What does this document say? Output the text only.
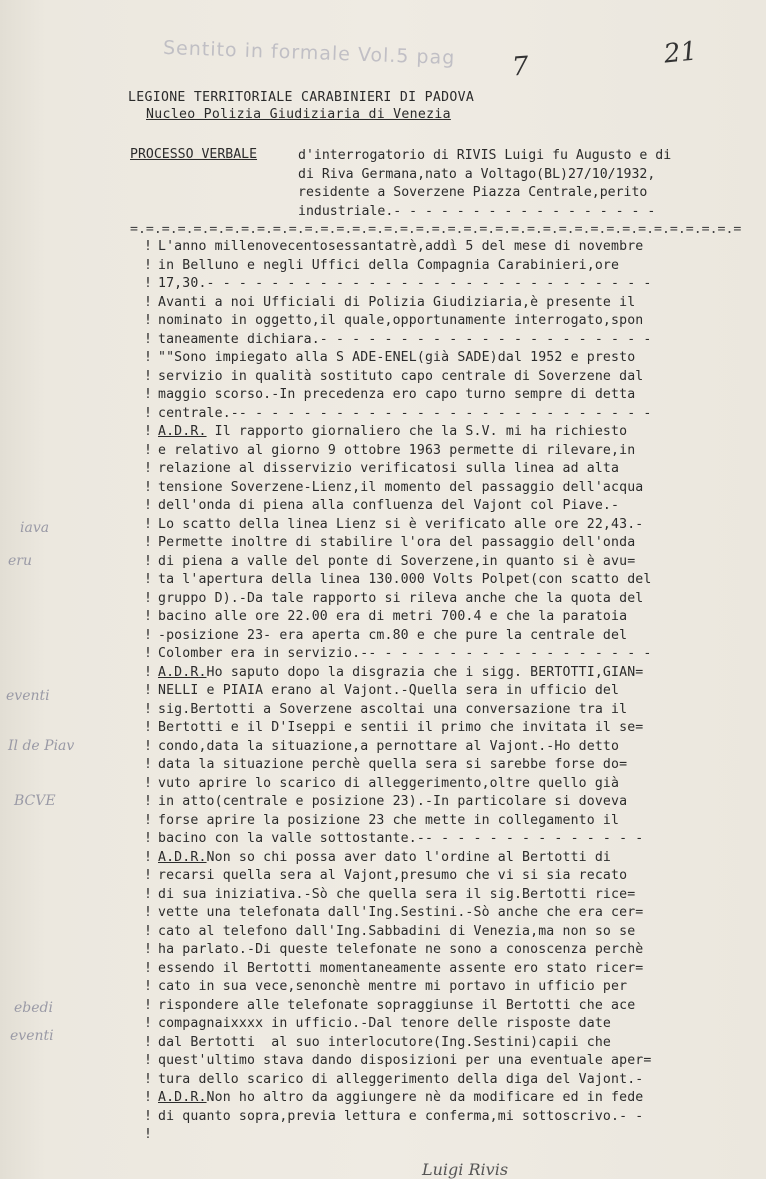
Sentito in formale Vol.5 pag 7	21
LEGIONE TERRITORIALE CARABINIERI DI PADOVA
Nucleo Polizia Giudiziaria di Venezia
PROCESSO VERBALE	d'interrogatorio di RIVIS Luigi fu Augusto e di
di Riva Germana,nato a Voltago(BL)27/10/1932,
residente a Soverzene Piazza Centrale,perito
industriale.- - - - - - - - - - - - - - - - -
=.=.=.=.=.=.=.=.=.=.=.=.=.=.=.=.=.=.=.=.=.=.=.=.=.=.=.=.=.=.=.=.=.=.=.=.=.=.=
! L'anno millenovecentosessantatrè,addì 5 del mese di novembre
! in Belluno e negli Uffici della Compagnia Carabinieri,ore
! 17,30.- - - - - - - - - - - - - - - - - - - - - - - - - - - -
! Avanti a noi Ufficiali di Polizia Giudiziaria,è presente il
! nominato in oggetto,il quale,opportunamente interrogato,spon
! taneamente dichiara.- - - - - - - - - - - - - - - - - - - - -
! ""Sono impiegato alla S ADE-ENEL(già SADE)dal 1952 e presto
! servizio in qualità sostituto capo centrale di Soverzene dal
! maggio scorso.-In precedenza ero capo turno sempre di detta
! centrale.-- - - - - - - - - - - - - - - - - - - - - - - - - -
! A.D.R. Il rapporto giornaliero che la S.V. mi ha richiesto
! e relativo al giorno 9 ottobre 1963 permette di rilevare,in
! relazione al disservizio verificatosi sulla linea ad alta
! tensione Soverzene-Lienz,il momento del passaggio dell'acqua
! dell'onda di piena alla confluenza del Vajont col Piave.-
! Lo scatto della linea Lienz si è verificato alle ore 22,43.-
! Permette inoltre di stabilire l'ora del passaggio dell'onda
! di piena a valle del ponte di Soverzene,in quanto si è avu=
! ta l'apertura della linea 130.000 Volts Polpet(con scatto del
! gruppo D).-Da tale rapporto si rileva anche che la quota del
! bacino alle ore 22.00 era di metri 700.4 e che la paratoia
! -posizione 23- era aperta cm.80 e che pure la centrale del
! Colomber era in servizio.-- - - - - - - - - - - - - - - - - -
! A.D.R.Ho saputo dopo la disgrazia che i sigg. BERTOTTI,GIAN=
! NELLI e PIAIA erano al Vajont.-Quella sera in ufficio del
! sig.Bertotti a Soverzene ascoltai una conversazione tra il
! Bertotti e il D'Iseppi e sentii il primo che invitata il se=
! condo,data la situazione,a pernottare al Vajont.-Ho detto
! data la situazione perchè quella sera si sarebbe forse do=
! vuto aprire lo scarico di alleggerimento,oltre quello già
! in atto(centrale e posizione 23).-In particolare si doveva
! forse aprire la posizione 23 che mette in collegamento il
! bacino con la valle sottostante.-- - - - - - - - - - - - - -
! A.D.R.Non so chi possa aver dato l'ordine al Bertotti di
! recarsi quella sera al Vajont,presumo che vi si sia recato
! di sua iniziativa.-Sò che quella sera il sig.Bertotti rice=
! vette una telefonata dall'Ing.Sestini.-Sò anche che era cer=
! cato al telefono dall'Ing.Sabbadini di Venezia,ma non so se
! ha parlato.-Di queste telefonate ne sono a conoscenza perchè
! essendo il Bertotti momentaneamente assente ero stato ricer=
! cato in sua vece,senonchè mentre mi portavo in ufficio per
! rispondere alle telefonate sopraggiunse il Bertotti che ace
! compagnaixxxx in ufficio.-Dal tenore delle risposte date
! dal Bertotti  al suo interlocutore(Ing.Sestini)capii che
! quest'ultimo stava dando disposizioni per una eventuale aper=
! tura dello scarico di alleggerimento della diga del Vajont.-
! A.D.R.Non ho altro da aggiungere nè da modificare ed in fede
! di quanto sopra,previa lettura e conferma,mi sottoscrivo.- -
!
iava
eru
eventi
Il de Piav
BCVE
ebedi
eventi
Luigi Rivis
